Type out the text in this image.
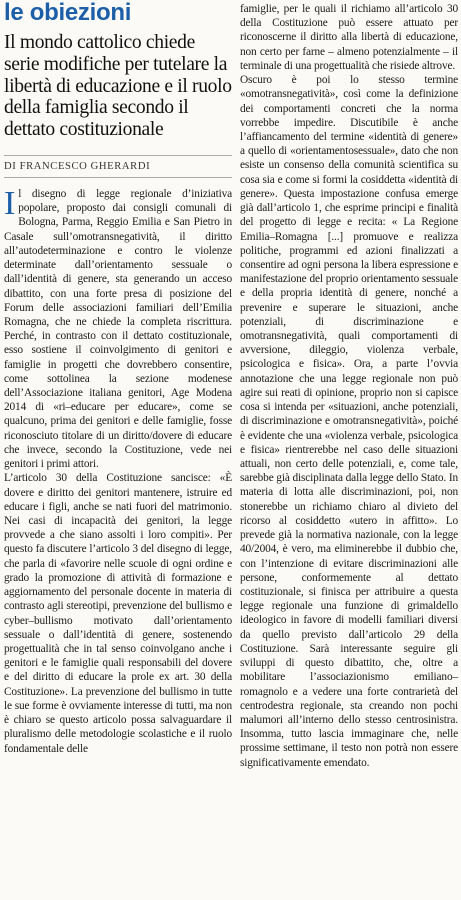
le obiezioni
Il mondo cattolico chiede serie modifiche per tutelare la libertà di educazione e il ruolo della famiglia secondo il dettato costituzionale
DI FRANCESCO GHERARDI

Il disegno di legge regionale d’iniziativa popolare, proposto dai consigli comunali di Bologna, Parma, Reggio Emilia e San Pietro in Casale sull’omotransnegatività, il diritto all’autodeterminazione e contro le violenze determinate dall’orientamento sessuale o dall’identità di genere, sta generando un acceso dibattito, con una forte presa di posizione del Forum delle associazioni familiari dell’Emilia Romagna, che ne chiede la completa riscrittura. Perché, in contrasto con il dettato costituzionale, esso sostiene il coinvolgimento di genitori e famiglie in progetti che dovrebbero consentire, come sottolinea la sezione modenese dell’Associazione italiana genitori, Age Modena 2014 di «ri–educare per educare», come se qualcuno, prima dei genitori e delle famiglie, fosse riconosciuto titolare di un diritto/dovere di educare che invece, secondo la Costituzione, vede nei genitori i primi attori.

L’articolo 30 della Costituzione sancisce: «È dovere e diritto dei genitori mantenere, istruire ed educare i figli, anche se nati fuori del matrimonio. Nei casi di incapacità dei genitori, la legge provvede a che siano assolti i loro compiti». Per questo fa discutere l’articolo 3 del disegno di legge, che parla di «favorire nelle scuole di ogni ordine e grado la promozione di attività di formazione e aggiornamento del personale docente in materia di contrasto agli stereotipi, prevenzione del bullismo e cyber–bullismo motivato dall’orientamento sessuale o dall’identità di genere, sostenendo progettualità che in tal senso coinvolgano anche i genitori e le famiglie quali responsabili del dovere e del diritto di educare la prole ex art. 30 della Costituzione». La prevenzione del bullismo in tutte le sue forme è ovviamente interesse di tutti, ma non è chiaro se questo articolo possa salvaguardare il pluralismo delle metodologie scolastiche e il ruolo fondamentale delle

famiglie, per le quali il richiamo all’articolo 30 della Costituzione può essere attuato per riconoscerne il diritto alla libertà di educazione, non certo per farne – almeno potenzialmente – il terminale di una progettualità che risiede altrove.

Oscuro è poi lo stesso termine «omotransnegatività», così come la definizione dei comportamenti concreti che la norma vorrebbe impedire. Discutibile è anche l’affiancamento del termine «identità di genere» a quello di «orientamentosessuale», dato che non esiste un consenso della comunità scientifica su cosa sia e come si formi la cosiddetta «identità di genere». Questa impostazione confusa emerge già dall’articolo 1, che esprime principi e finalità del progetto di legge e recita: « La Regione Emilia–Romagna [...] promuove e realizza politiche, programmi ed azioni finalizzati a consentire ad ogni persona la libera espressione e manifestazione del proprio orientamento sessuale e della propria identità di genere, nonché a prevenire e superare le situazioni, anche potenziali, di discriminazione e omotransnegatività, quali comportamenti di avversione, dileggio, violenza verbale, psicologica e fisica». Ora, a parte l’ovvia annotazione che una legge regionale non può agire sui reati di opinione, proprio non si capisce cosa si intenda per «situazioni, anche potenziali, di discriminazione e omotransnegatività», poiché è evidente che una «violenza verbale, psicologica e fisica» rientrerebbe nel caso delle situazioni attuali, non certo delle potenziali, e, come tale, sarebbe già disciplinata dalla legge dello Stato. In materia di lotta alle discriminazioni, poi, non stonerebbe un richiamo chiaro al divieto del ricorso al cosiddetto «utero in affitto». Lo prevede già la normativa nazionale, con la legge 40/2004, è vero, ma eliminerebbe il dubbio che, con l’intenzione di evitare discriminazioni alle persone, conformemente al dettato costituzionale, si finisca per attribuire a questa legge regionale una funzione di grimaldello ideologico in favore di modelli familiari diversi da quello previsto dall’articolo 29 della Costituzione. Sarà interessante seguire gli sviluppi di questo dibattito, che, oltre a mobilitare l’associazionismo emiliano–romagnolo e a vedere una forte contrarietà del centrodestra regionale, sta creando non pochi malumori all’interno dello stesso centrosinistra. Insomma, tutto lascia immaginare che, nelle prossime settimane, il testo non potrà non essere significativamente emendato.
